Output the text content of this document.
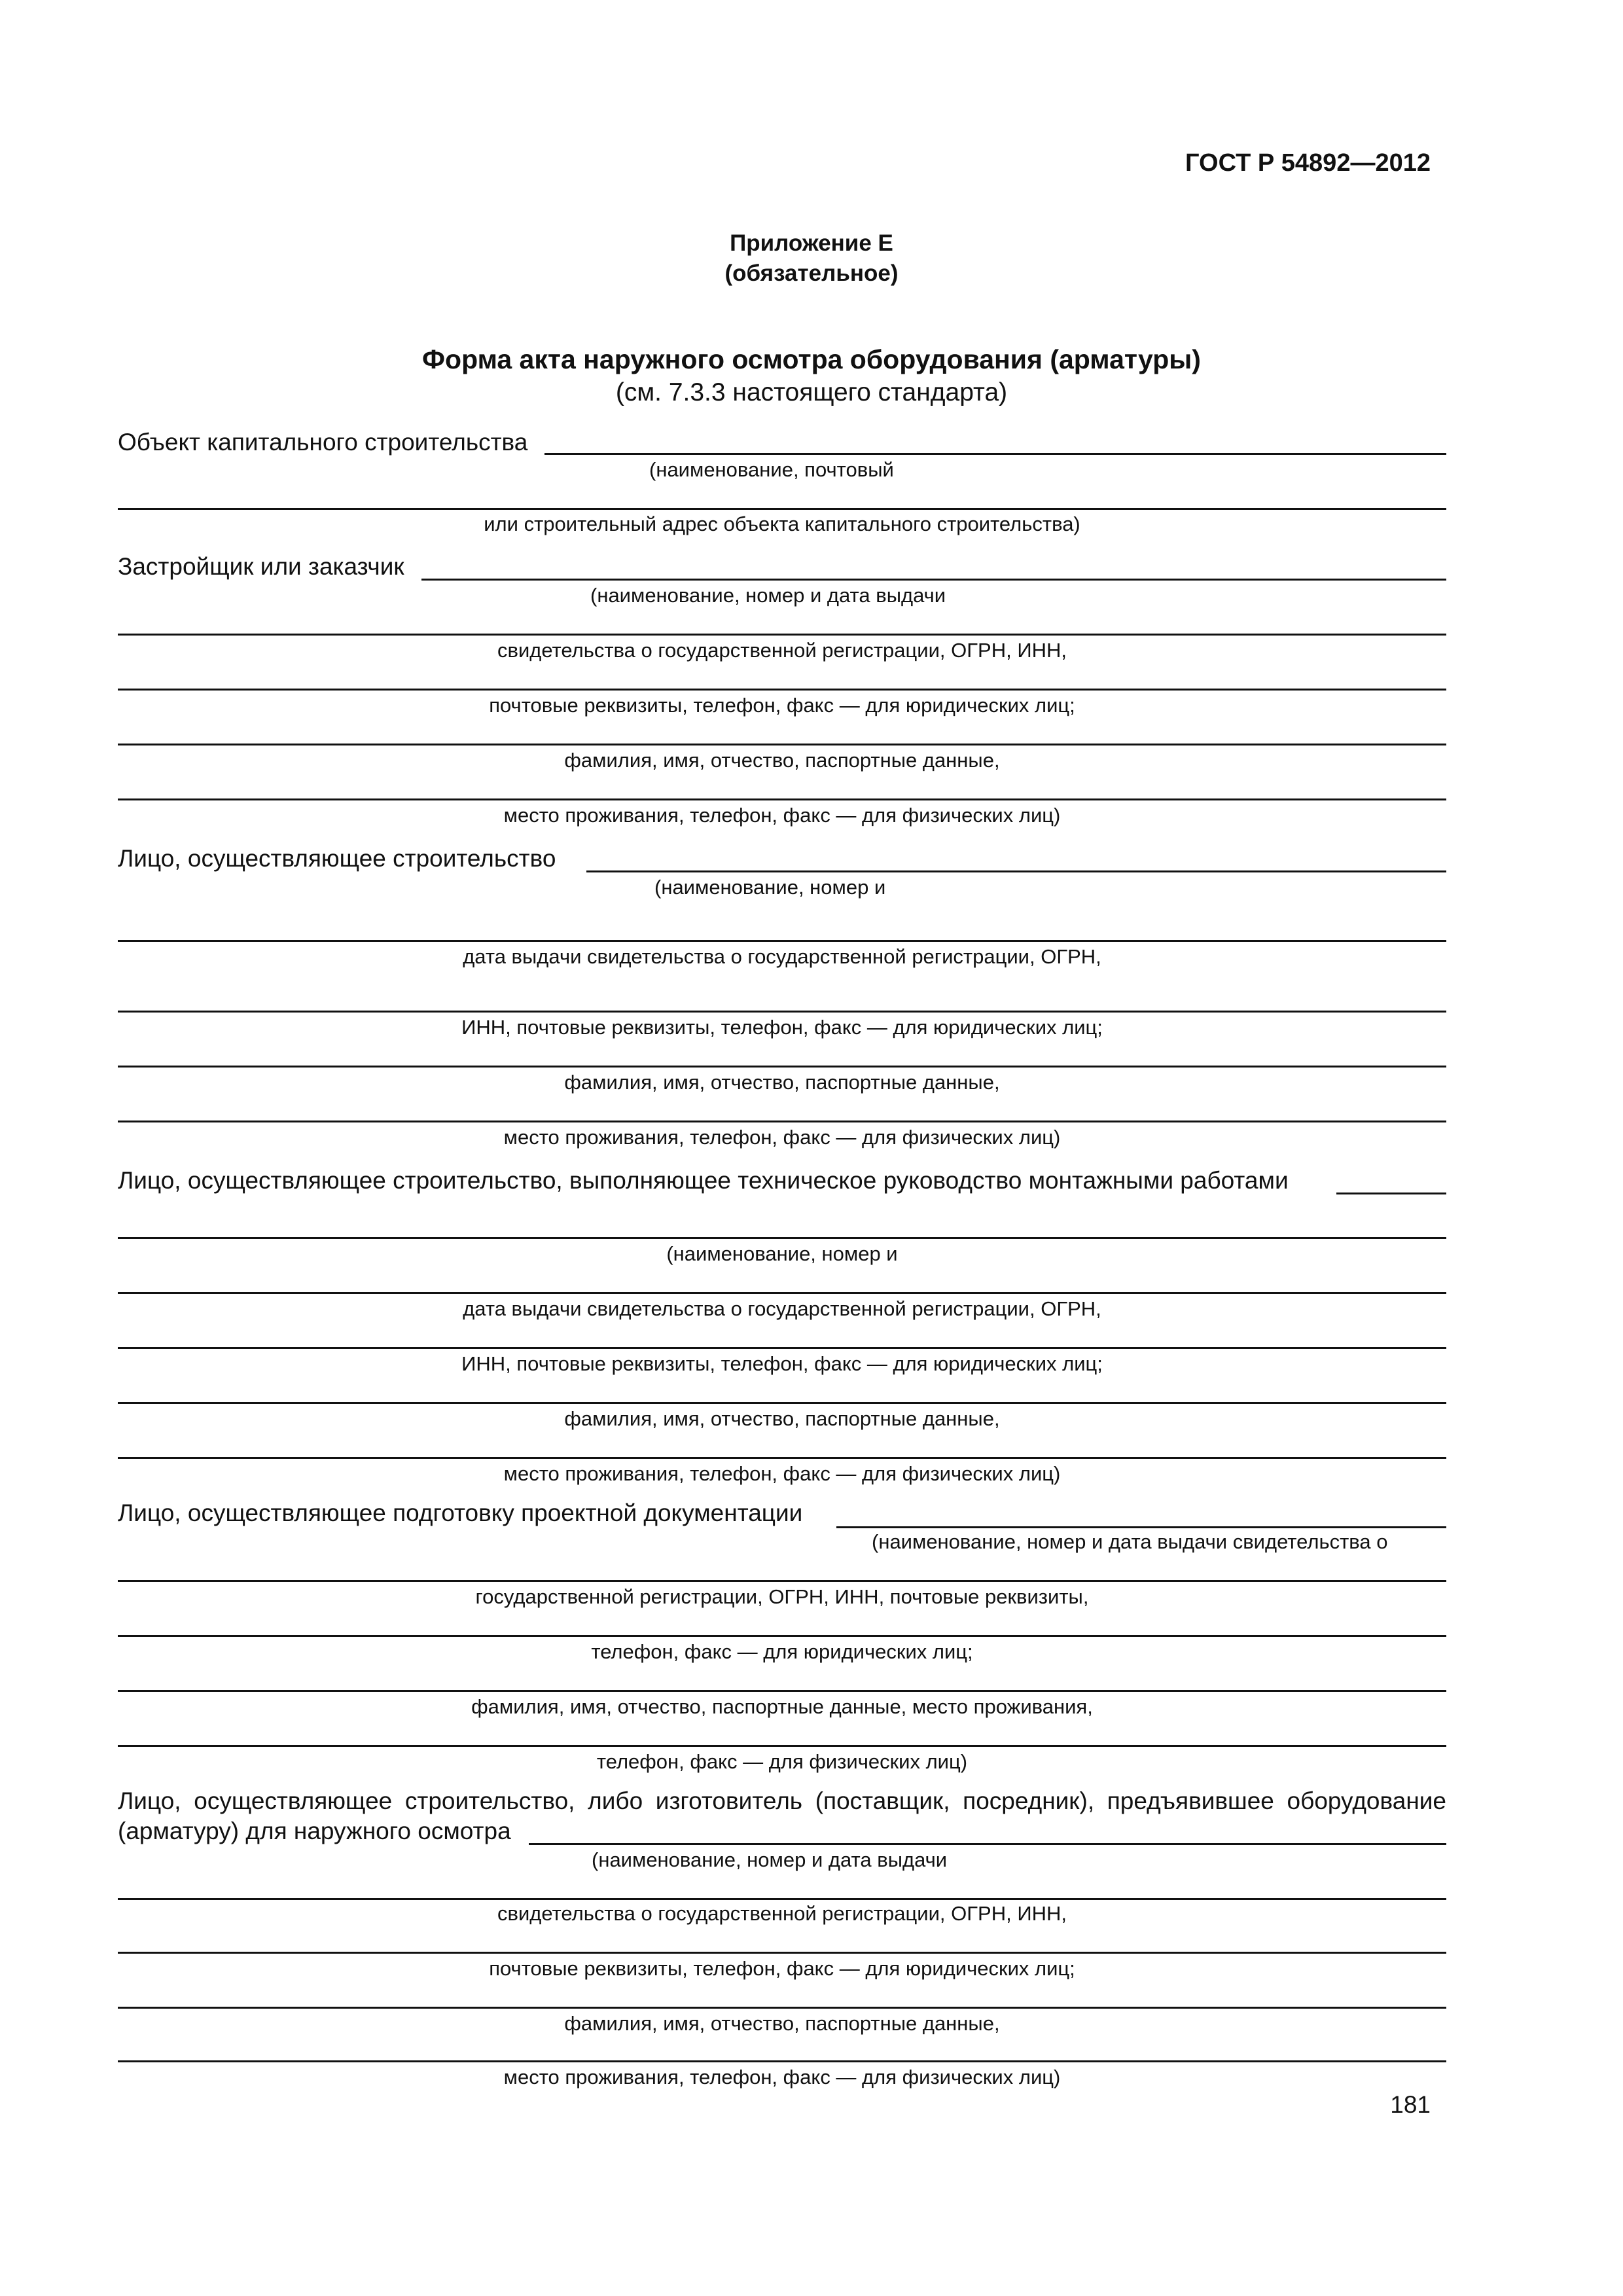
ГОСТ Р 54892—2012
Приложение Е
(обязательное)
Форма акта наружного осмотра оборудования (арматуры)
(см. 7.3.3 настоящего стандарта)
Объект капитального строительства
(наименование, почтовый
или строительный адрес объекта капитального строительства)
Застройщик или заказчик
(наименование, номер и дата выдачи
свидетельства о государственной регистрации, ОГРН, ИНН,
почтовые реквизиты, телефон, факс — для юридических лиц;
фамилия, имя, отчество, паспортные данные,
место проживания, телефон, факс — для физических лиц)
Лицо, осуществляющее строительство
(наименование, номер и
дата выдачи свидетельства о государственной регистрации, ОГРН,
ИНН, почтовые реквизиты, телефон, факс — для юридических лиц;
фамилия, имя, отчество, паспортные данные,
место проживания, телефон, факс — для физических лиц)
Лицо, осуществляющее строительство, выполняющее техническое руководство монтажными работами
(наименование, номер и
дата выдачи свидетельства о государственной регистрации, ОГРН,
ИНН, почтовые реквизиты, телефон, факс — для юридических лиц;
фамилия, имя, отчество, паспортные данные,
место проживания, телефон, факс — для физических лиц)
Лицо, осуществляющее подготовку проектной документации
(наименование, номер и дата выдачи свидетельства о
государственной регистрации, ОГРН, ИНН, почтовые реквизиты,
телефон, факс — для юридических лиц;
фамилия, имя, отчество, паспортные данные, место проживания,
телефон, факс — для физических лиц)
Лицо, осуществляющее строительство, либо изготовитель (поставщик, посредник), предъявившее оборудование
(арматуру) для наружного осмотра
(наименование, номер и дата выдачи
свидетельства о государственной регистрации, ОГРН, ИНН,
почтовые реквизиты, телефон, факс — для юридических лиц;
фамилия, имя, отчество, паспортные данные,
место проживания, телефон, факс — для физических лиц)
181
